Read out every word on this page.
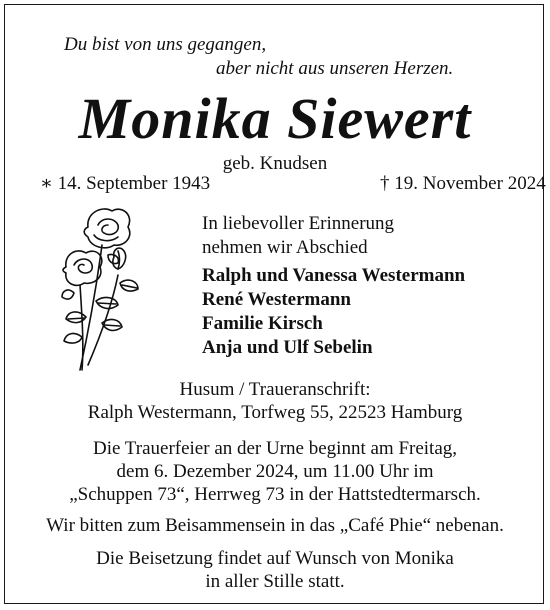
Du bist von uns gegangen,
aber nicht aus unseren Herzen.
Monika Siewert
geb. Knudsen
∗ 14. September 1943	† 19. November 2024
In liebevoller Erinnerung
nehmen wir Abschied
Ralph und Vanessa Westermann
René Westermann
Familie Kirsch
Anja und Ulf Sebelin
Husum / Traueranschrift:
Ralph Westermann, Torfweg 55, 22523 Hamburg
Die Trauerfeier an der Urne beginnt am Freitag,
dem 6. Dezember 2024, um 11.00 Uhr im
„Schuppen 73“, Herrweg 73 in der Hattstedtermarsch.
Wir bitten zum Beisammensein in das „Café Phie“ nebenan.
Die Beisetzung findet auf Wunsch von Monika
in aller Stille statt.
